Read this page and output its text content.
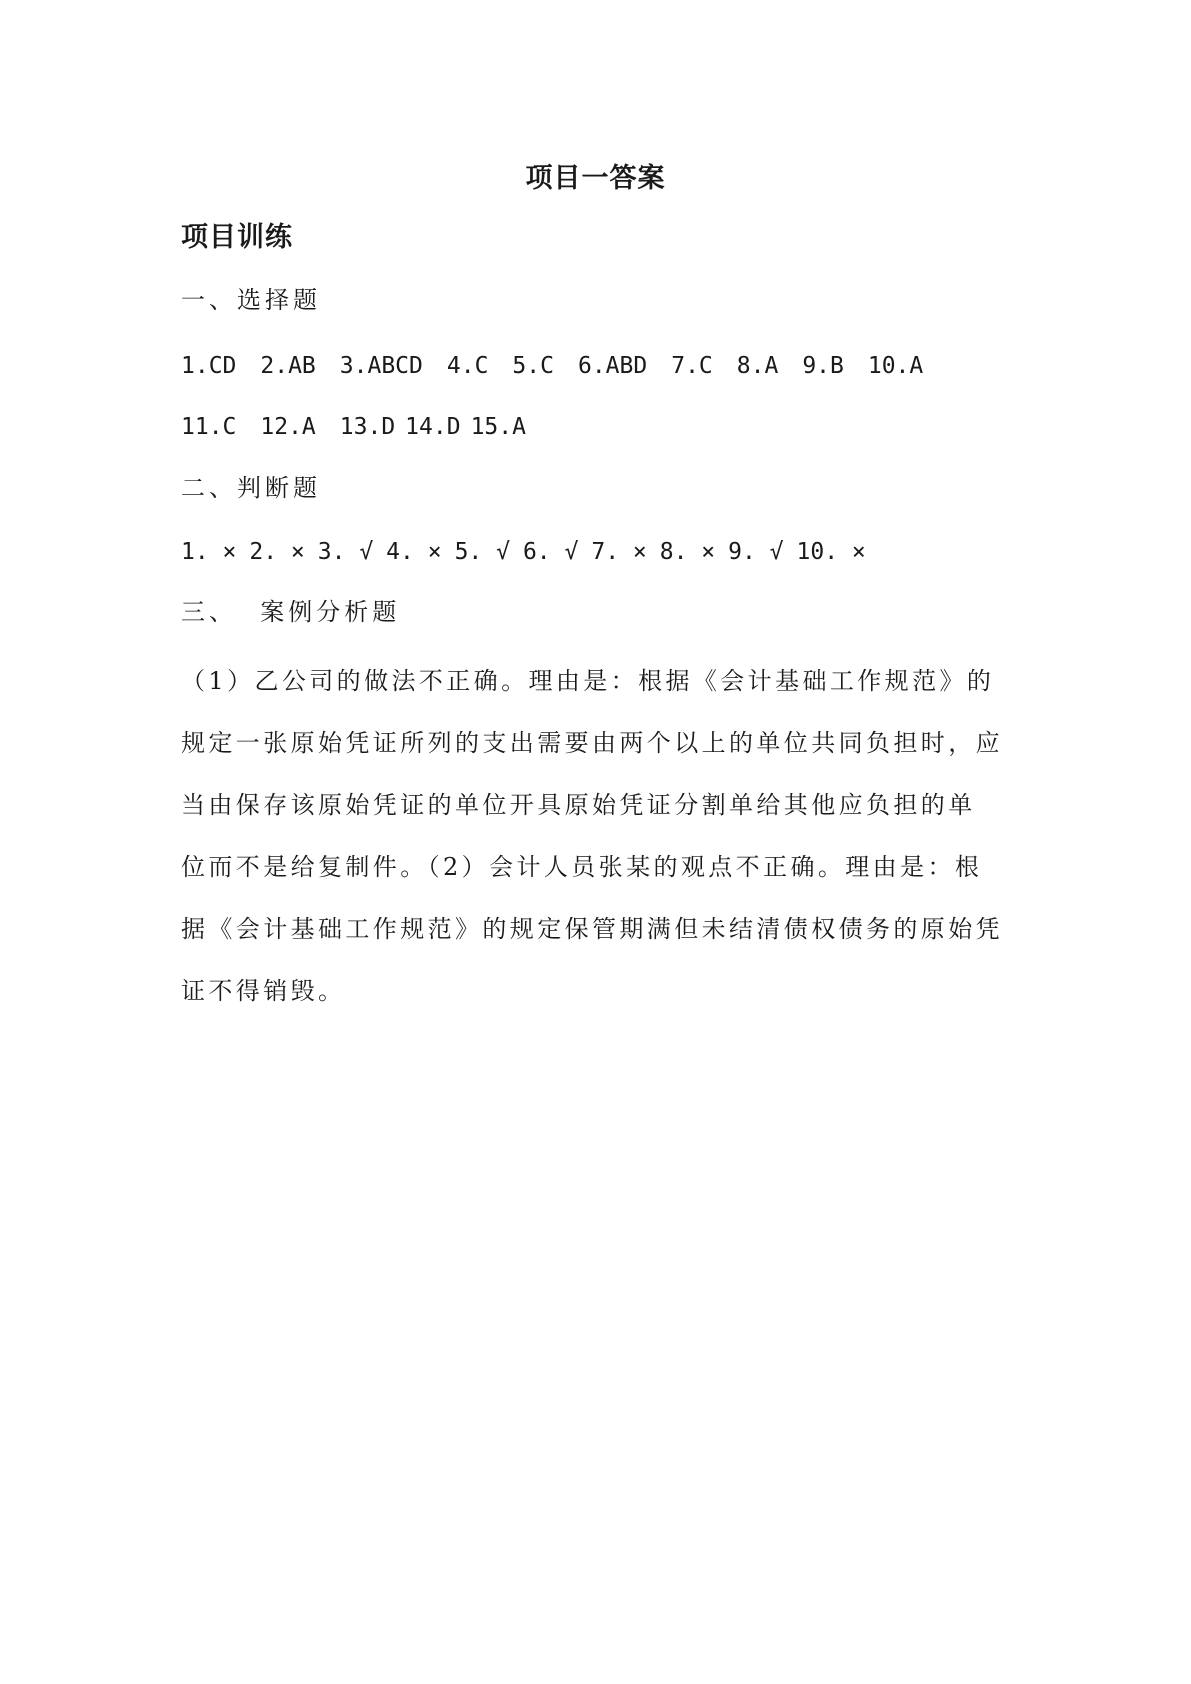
项目一答案
项目训练
一、选择题
1.CD 2.AB 3.ABCD 4.C 5.C 6.ABD 7.C 8.A 9.B 10.A
11.C 12.A 13.D 14.D 15.A
二、判断题
1. × 2. × 3. √ 4. × 5. √ 6. √ 7. × 8. × 9. √ 10. ×
三、  案例分析题
（1）乙公司的做法不正确。理由是：根据《会计基础工作规范》的
规定一张原始凭证所列的支出需要由两个以上的单位共同负担时，应
当由保存该原始凭证的单位开具原始凭证分割单给其他应负担的单
位而不是给复制件。（2）会计人员张某的观点不正确。理由是：根
据《会计基础工作规范》的规定保管期满但未结清债权债务的原始凭
证不得销毁。
